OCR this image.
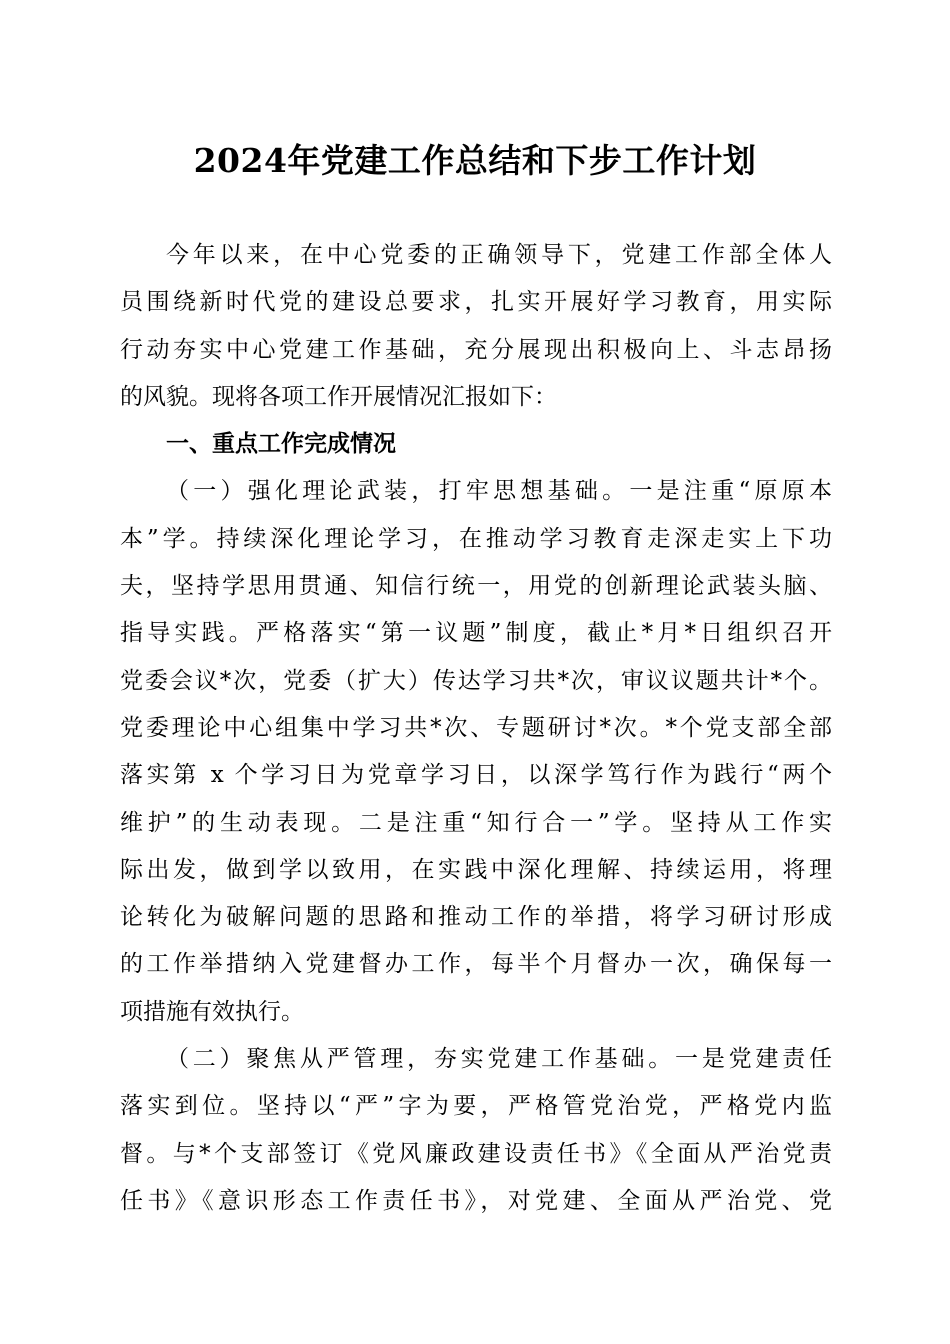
2024年党建工作总结和下步工作计划
今年以来，在中心党委的正确领导下，党建工作部全体人
员围绕新时代党的建设总要求，扎实开展好学习教育，用实际
行动夯实中心党建工作基础，充分展现出积极向上、斗志昂扬
的风貌。现将各项工作开展情况汇报如下：
一、重点工作完成情况
（一）强化理论武装，打牢思想基础。一是注重“原原本
本”学。持续深化理论学习，在推动学习教育走深走实上下功
夫，坚持学思用贯通、知信行统一，用党的创新理论武装头脑、
指导实践。严格落实“第一议题”制度，截止*月*日组织召开
党委会议*次，党委（扩大）传达学习共*次，审议议题共计*个。
党委理论中心组集中学习共*次、专题研讨*次。*个党支部全部
落实第 x 个学习日为党章学习日，以深学笃行作为践行“两个
维护”的生动表现。二是注重“知行合一”学。坚持从工作实
际出发，做到学以致用，在实践中深化理解、持续运用，将理
论转化为破解问题的思路和推动工作的举措，将学习研讨形成
的工作举措纳入党建督办工作，每半个月督办一次，确保每一
项措施有效执行。
（二）聚焦从严管理，夯实党建工作基础。一是党建责任
落实到位。坚持以“严”字为要，严格管党治党，严格党内监
督。与*个支部签订《党风廉政建设责任书》《全面从严治党责
任书》《意识形态工作责任书》，对党建、全面从严治党、党
